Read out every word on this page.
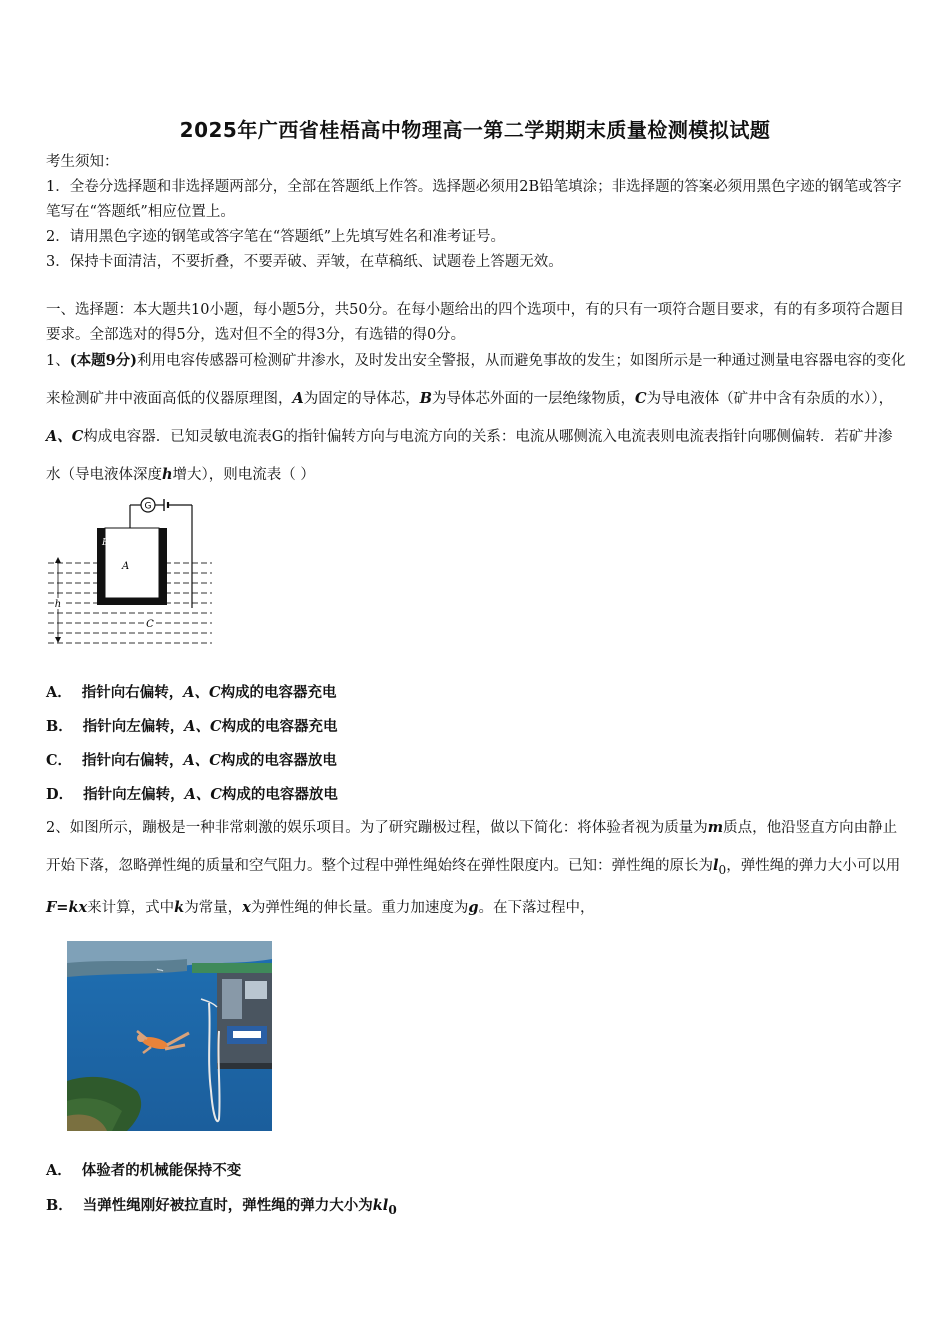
2025年广西省桂梧高中物理高一第二学期期末质量检测模拟试题
考生须知：
1．全卷分选择题和非选择题两部分，全部在答题纸上作答。选择题必须用2B铅笔填涂；非选择题的答案必须用黑色字迹的钢笔或答字笔写在“答题纸”相应位置上。
2．请用黑色字迹的钢笔或答字笔在“答题纸”上先填写姓名和准考证号。
3．保持卡面清洁，不要折叠，不要弄破、弄皱，在草稿纸、试题卷上答题无效。
一、选择题：本大题共10小题，每小题5分，共50分。在每小题给出的四个选项中，有的只有一项符合题目要求，有的有多项符合题目要求。全部选对的得5分，选对但不全的得3分，有选错的得0分。
1、(本题9分)利用电容传感器可检测矿井渗水，及时发出安全警报，从而避免事故的发生；如图所示是一种通过测量电容器电容的变化来检测矿井中液面高低的仪器原理图，A为固定的导体芯，B为导体芯外面的一层绝缘物质，C为导电液体（矿井中含有杂质的水））， A、C构成电容器．已知灵敏电流表G的指针偏转方向与电流方向的关系：电流从哪侧流入电流表则电流表指针向哪侧偏转．若矿井渗水（导电液体深度h增大），则电流表（ ）
G
h
B
A
C
A． 指针向右偏转，A、C构成的电容器充电
B． 指针向左偏转，A、C构成的电容器充电
C． 指针向右偏转，A、C构成的电容器放电
D． 指针向左偏转，A、C构成的电容器放电
2、如图所示，蹦极是一种非常刺激的娱乐项目。为了研究蹦极过程，做以下简化：将体验者视为质量为m质点，他沿竖直方向由静止开始下落，忽略弹性绳的质量和空气阻力。整个过程中弹性绳始终在弹性限度内。已知：弹性绳的原长为$l_0$，弹性绳的弹力大小可以用F=kx来计算，式中k为常量，x为弹性绳的伸长量。重力加速度为g。在下落过程中，
A． 体验者的机械能保持不变
B． 当弹性绳刚好被拉直时，弹性绳的弹力大小为$kl_0$
